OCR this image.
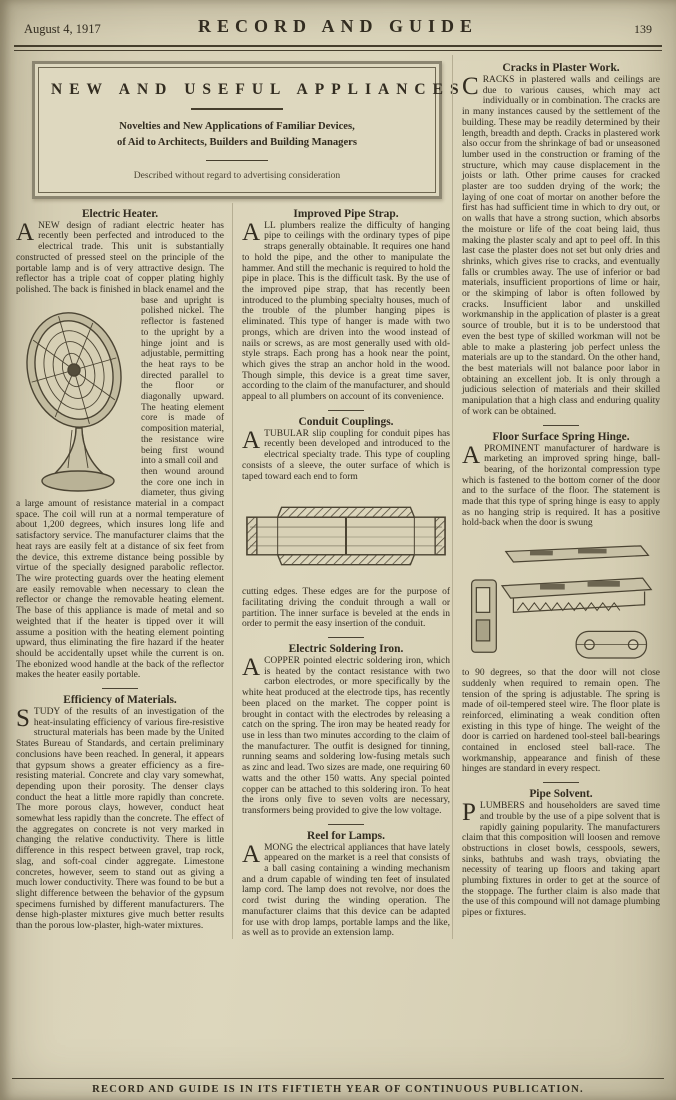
August 4, 1917	RECORD AND GUIDE	139
NEW AND USEFUL APPLIANCES
Novelties and New Applications of Familiar Devices,
of Aid to Architects, Builders and Building Managers
Described without regard to advertising consideration
Electric Heater.

ANEW design of radiant electric heater has recently been perfected and introduced to the electrical trade. This unit is substantially constructed of pressed steel on the principle of the portable lamp and is of very attractive design. The reflector has a triple coat of copper plating highly polished. The back is finished in black enamel and the
base and upright is polished nickel. The reflector is fastened to the upright by a hinge joint and is adjustable, permitting the heat rays to be directed parallel to the floor or diagonally upward. The heating element core is made of composition material, the resistance wire being first wound into a small coil and

then wound around the core one inch in diameter, thus giving a large amount of resistance material in a compact space. The coil will run at a normal temperature of about 1,200 degrees, which insures long life and satisfactory service. The manufacturer claims that the heat rays are easily felt at a distance of six feet from the device, this extreme distance being possible by virtue of the specially designed parabolic reflector. The wire protecting guards over the heating element are easily removable when necessary to clean the reflector or change the removable heating element. The base of this appliance is made of metal and so weighted that if the heater is tipped over it will assume a position with the heating element pointing upward, thus eliminating the fire hazard if the heater should be accidentally upset while the current is on. The ebonized wood handle at the back of the reflector makes the heater easily portable.

Efficiency of Materials.

STUDY of the results of an investigation of the heat-insulating efficiency of various fire-resistive structural materials has been made by the United States Bureau of Standards, and certain preliminary conclusions have been reached. In general, it appears that gypsum shows a greater efficiency as a fire-resisting material. Concrete and clay vary somewhat, depending upon their porosity. The denser clays conduct the heat a little more rapidly than concrete. The more porous clays, however, conduct heat somewhat less rapidly than the concrete. The effect of the aggregates on concrete is not very marked in changing the relative conductivity. There is little difference in this respect between gravel, trap rock, slag, and soft-coal cinder aggregate. Limestone concretes, however, seem to stand out as giving a much lower conductivity. There was found to be but a slight difference between the behavior of the gypsum specimens furnished by different manufacturers. The dense high-plaster mixtures give much better results than the porous low-plaster, high-water mixtures.

Improved Pipe Strap.

ALL plumbers realize the difficulty of hanging pipe to ceilings with the ordinary types of pipe straps generally obtainable. It requires one hand to hold the pipe, and the other to manipulate the hammer. And still the mechanic is required to hold the pipe in place. This is the difficult task. By the use of the improved pipe strap, that has recently been introduced to the plumbing specialty houses, much of the trouble of the plumber hanging pipes is eliminated. This type of hanger is made with two prongs, which are driven into the wood instead of nails or screws, as are most generally used with old-style straps. Each prong has a hook near the point, which gives the strap an anchor hold in the wood. Though simple, this device is a great time saver, according to the claim of the manufacturer, and should appeal to all plumbers on account of its convenience.

Conduit Couplings.

ATUBULAR slip coupling for conduit pipes has recently been developed and introduced to the electrical specialty trade. This type of coupling consists of a sleeve, the outer surface of which is taped toward each end to form

cutting edges. These edges are for the purpose of facilitating driving the conduit through a wall or partition. The inner surface is beveled at the ends in order to permit the easy insertion of the conduit.

Electric Soldering Iron.

ACOPPER pointed electric soldering iron, which is heated by the contact resistance with two carbon electrodes, or more specifically by the white heat produced at the electrode tips, has recently been placed on the market. The copper point is brought in contact with the electrodes by releasing a catch on the spring. The iron may be heated ready for use in less than two minutes according to the claim of the manufacturer. The outfit is designed for tinning, running seams and soldering low-fusing metals such as zinc and lead. Two sizes are made, one requiring 60 watts and the other 150 watts. Any special pointed copper can be attached to this soldering iron. To heat the irons only five to seven volts are necessary, transformers being provided to give the low voltage.

Reel for Lamps.

AMONG the electrical appliances that have lately appeared on the market is a reel that consists of a ball casing containing a winding mechanism and a drum capable of winding ten feet of insulated lamp cord. The lamp does not revolve, nor does the cord twist during the winding operation. The manufacturer claims that this device can be adapted for use with drop lamps, portable lamps and the like, as well as to provide an extension lamp.

Cracks in Plaster Work.

CRACKS in plastered walls and ceilings are due to various causes, which may act individually or in combination. The cracks are in many instances caused by the settlement of the building. These may be readily determined by their length, breadth and depth. Cracks in plastered work also occur from the shrinkage of bad or unseasoned lumber used in the construction or framing of the structure, which may cause displacement in the joists or lath. Other prime causes for cracked plaster are too sudden drying of the work; the laying of one coat of mortar on another before the first has had sufficient time in which to dry out, or on walls that have a strong suction, which absorbs the moisture or life of the coat being laid, thus making the plaster scaly and apt to peel off. In this last case the plaster does not set but only dries and shrinks, which gives rise to cracks, and eventually falls or crumbles away. The use of inferior or bad materials, insufficient proportions of lime or hair, or the skimping of labor is often followed by cracks. Insufficient labor and unskilled workmanship in the application of plaster is a great source of trouble, but it is to be understood that even the best type of skilled workman will not be able to make a plastering job perfect unless the materials are up to the standard. On the other hand, the best materials will not balance poor labor in obtaining an excellent job. It is only through a judicious selection of materials and their skilled manipulation that a high class and enduring quality of work can be obtained.

Floor Surface Spring Hinge.

APROMINENT manufacturer of hardware is marketing an improved spring hinge, ball-bearing, of the horizontal compression type which is fastened to the bottom corner of the door and to the surface of the floor. The statement is made that this type of spring hinge is easy to apply as no hanging strip is required. It has a positive hold-back when the door is swung

to 90 degrees, so that the door will not close suddenly when required to remain open. The tension of the spring is adjustable. The spring is made of oil-tempered steel wire. The floor plate is reinforced, eliminating a weak condition often existing in this type of hinge. The weight of the door is carried on hardened tool-steel ball-bearings contained in enclosed steel ball-race. The workmanship, appearance and finish of these hinges are standard in every respect.

Pipe Solvent.

PLUMBERS and householders are saved time and trouble by the use of a pipe solvent that is rapidly gaining popularity. The manufacturers claim that this composition will loosen and remove obstructions in closet bowls, cesspools, sewers, sinks, bathtubs and wash trays, obviating the necessity of tearing up floors and taking apart plumbing fixtures in order to get at the source of the stoppage. The further claim is also made that the use of this compound will not damage plumbing pipes or fixtures.

RECORD AND GUIDE IS IN ITS FIFTIETH YEAR OF CONTINUOUS PUBLICATION.
